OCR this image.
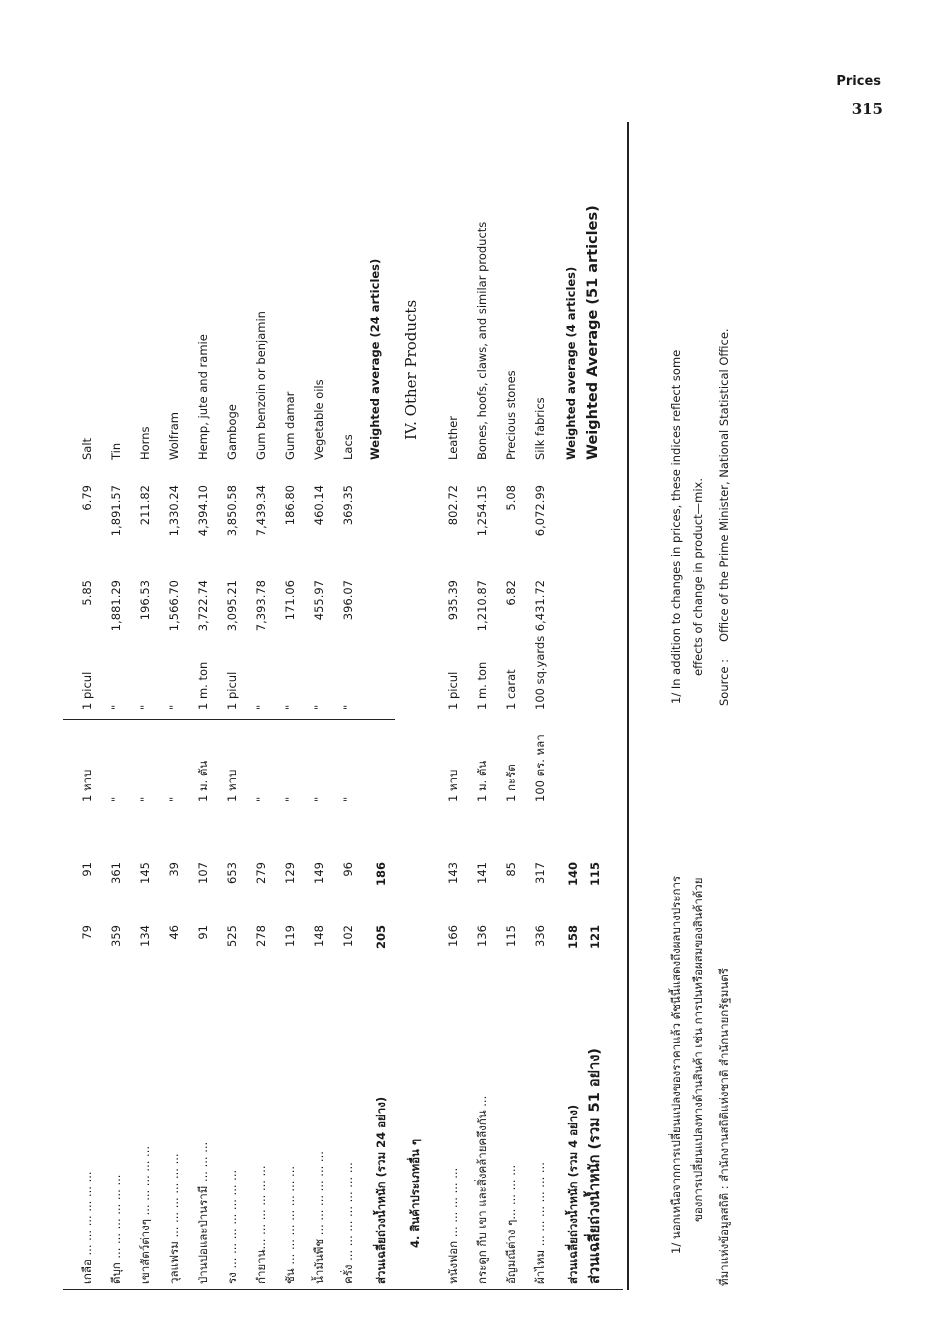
Prices
315
เกลือ ... ... ... ... ... ...
79
91
1 หาบ
1 picul
5.85
6.79
Salt
ดีบุก ... ... ... ... ... ...
359
361
"
"
1,881.29
1,891.57
Tin
เขาสัตว์ต่างๆ ... ... ... ... ...
134
145
"
"
196.53
211.82
Horns
วุลแฟรม ... ... ... ... ... ...
46
39
"
"
1,566.70
1,330.24
Wolfram
ป่านปอและป่านรามี ... ... ...
91
107
1 ม. ตัน
1 m. ton
3,722.74
4,394.10
Hemp, jute and ramie
รง ... ... ... ... ... ... ...
525
653
1 หาบ
1 picul
3,095.21
3,850.58
Gamboge
กำยาน... ... ... ... ... ...
278
279
"
"
7,393.78
7,439.34
Gum benzoin or benjamin
ชัน ... ... ... ... ... ... ...
119
129
"
"
171.06
186.80
Gum damar
น้ำมันพืช ... ... ... ... ... ...
148
149
"
"
455.97
460.14
Vegetable oils
ครั่ง ... ... ... ... ... ... ...
102
96
"
"
396.07
369.35
Lacs
ส่วนเฉลี่ยถ่วงน้ำหนัก (รวม 24 อย่าง)
205
186
Weighted average (24 articles)
4. สินค้าประเภทอื่น ๆ
IV. Other Products
หนังฟอก ... ... ... ... ...
166
143
1 หาบ
1 picul
935.39
802.72
Leather
กระดูก กีบ เขา และสิ่งคล้ายคลึงกัน ...
136
141
1 ม. ตัน
1 m. ton
1,210.87
1,254.15
Bones, hoofs, claws, and similar products
อัญมณีต่าง ๆ... ... ... ...
115
85
1 กะรัต
1 carat
6.82
5.08
Precious stones
ผ้าไหม ... ... ... ... ... ...
336
317
100 ตร. หลา
100 sq.yards
6,431.72
6,072.99
Silk fabrics
ส่วนเฉลี่ยถ่วงน้ำหนัก (รวม 4 อย่าง)
158
140
Weighted average (4 articles)
ส่วนเฉลี่ยถ่วงน้ำหนัก (รวม 51 อย่าง)
121
115
Weighted Average (51 articles)
1/ นอกเหนือจากการเปลี่ยนแปลงของราคาแล้ว ดัชนีนี้แสดงถึงผลบางประการ ของการเปลี่ยนแปลงทางด้านสินค้า เช่น การปนหรือผสมของสินค้าด้วย ที่มาแห่งข้อมูลสถิติ : สำนักงานสถิติแห่งชาติ สำนักนายกรัฐมนตรี
1/ In addition to changes in prices, these indices reflect some effects of change in product—mix.
Source :
Office of the Prime Minister, National Statistical Office.
